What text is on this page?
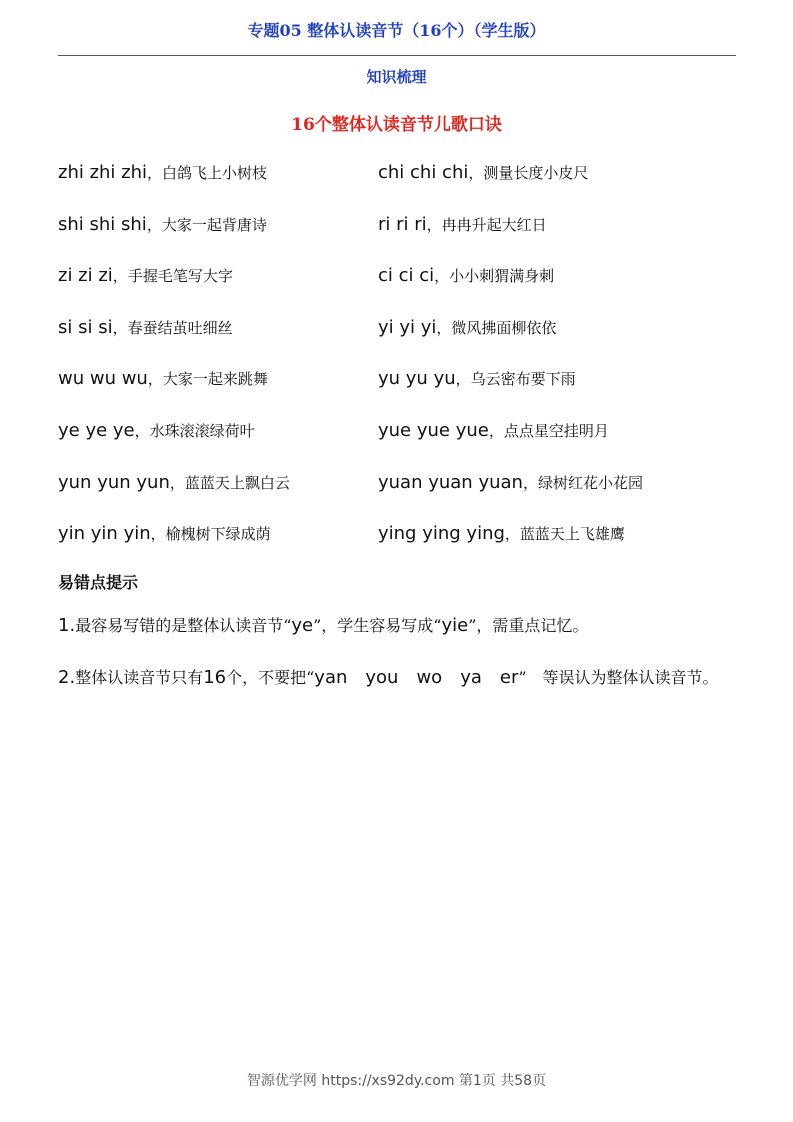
专题05 整体认读音节（16个）（学生版）
知识梳理
16个整体认读音节儿歌口诀
zhi zhi zhi，白鸽飞上小树枝	chi chi chi，测量长度小皮尺
shi shi shi，大家一起背唐诗	ri ri ri，冉冉升起大红日
zi zi zi，手握毛笔写大字	ci ci ci，小小刺猬满身刺
si si si，春蚕结茧吐细丝	yi yi yi，微风拂面柳依依
wu wu wu，大家一起来跳舞	yu yu yu，乌云密布要下雨
ye ye ye，水珠滚滚绿荷叶	yue yue yue，点点星空挂明月
yun yun yun，蓝蓝天上飘白云	yuan yuan yuan，绿树红花小花园
yin yin yin，榆槐树下绿成荫	ying ying ying，蓝蓝天上飞雄鹰
易错点提示
1.最容易写错的是整体认读音节“ye”，学生容易写成“yie”，需重点记忆。
2.整体认读音节只有16个，不要把“yan　you　wo　ya　er”　等误认为整体认读音节。
智源优学网 https://xs92dy.com 第1页 共58页
